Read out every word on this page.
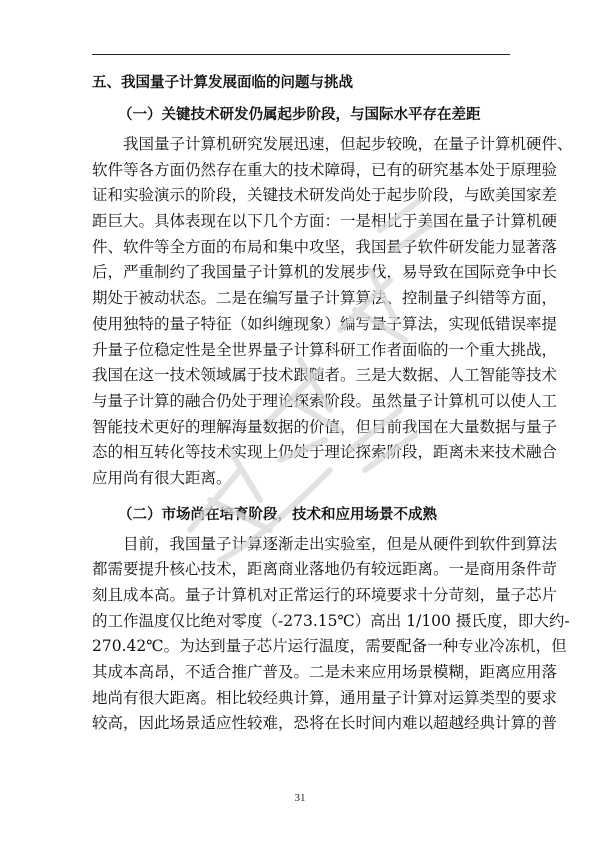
五、我国量子计算发展面临的问题与挑战
（一）关键技术研发仍属起步阶段，与国际水平存在差距
我国量子计算机研究发展迅速，但起步较晚，在量子计算机硬件、
软件等各方面仍然存在重大的技术障碍，已有的研究基本处于原理验
证和实验演示的阶段，关键技术研发尚处于起步阶段，与欧美国家差
距巨大。具体表现在以下几个方面：一是相比于美国在量子计算机硬
件、软件等全方面的布局和集中攻坚，我国量子软件研发能力显著落
后，严重制约了我国量子计算机的发展步伐，易导致在国际竞争中长
期处于被动状态。二是在编写量子计算算法、控制量子纠错等方面，
使用独特的量子特征（如纠缠现象）编写量子算法，实现低错误率提
升量子位稳定性是全世界量子计算科研工作者面临的一个重大挑战，
我国在这一技术领域属于技术跟随者。三是大数据、人工智能等技术
与量子计算的融合仍处于理论探索阶段。虽然量子计算机可以使人工
智能技术更好的理解海量数据的价值，但目前我国在大量数据与量子
态的相互转化等技术实现上仍处于理论探索阶段，距离未来技术融合
应用尚有很大距离。
（二）市场尚在培育阶段，技术和应用场景不成熟
目前，我国量子计算逐渐走出实验室，但是从硬件到软件到算法
都需要提升核心技术，距离商业落地仍有较远距离。一是商用条件苛
刻且成本高。量子计算机对正常运行的环境要求十分苛刻，量子芯片
的工作温度仅比绝对零度（-273.15℃）高出 1/100 摄氏度，即大约-
270.42℃。为达到量子芯片运行温度，需要配备一种专业冷冻机，但
其成本高昂，不适合推广普及。二是未来应用场景模糊，距离应用落
地尚有很大距离。相比较经典计算，通用量子计算对运算类型的要求
较高，因此场景适应性较难，恐将在长时间内难以超越经典计算的普
31
